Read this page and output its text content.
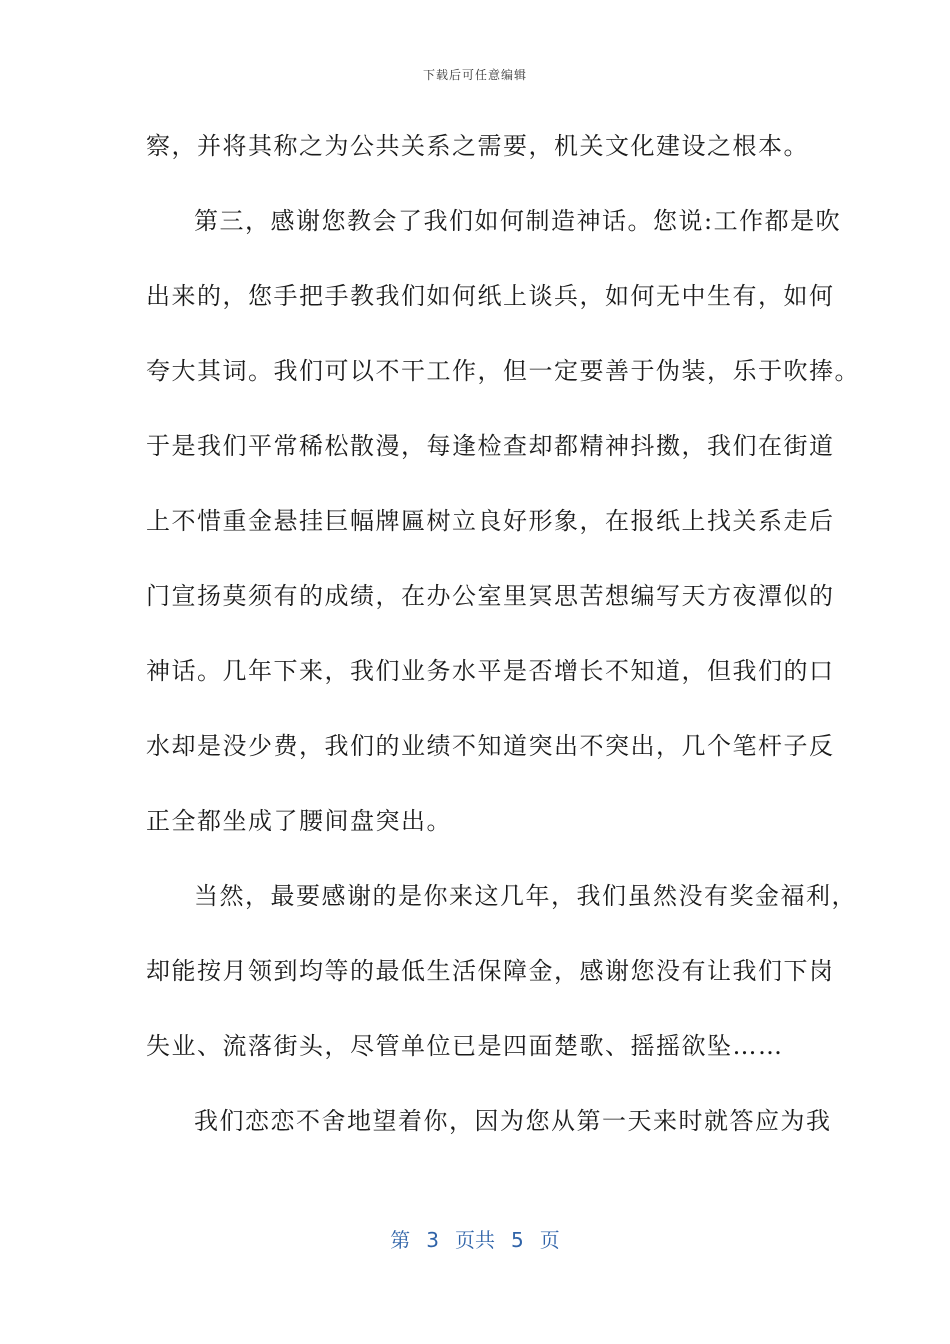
下载后可任意编辑
察，并将其称之为公共关系之需要，机关文化建设之根本。
第三，感谢您教会了我们如何制造神话。您说:工作都是吹
出来的，您手把手教我们如何纸上谈兵，如何无中生有，如何
夸大其词。我们可以不干工作，但一定要善于伪装，乐于吹捧。
于是我们平常稀松散漫，每逢检查却都精神抖擞，我们在街道
上不惜重金悬挂巨幅牌匾树立良好形象，在报纸上找关系走后
门宣扬莫须有的成绩，在办公室里冥思苦想编写天方夜潭似的
神话。几年下来，我们业务水平是否增长不知道，但我们的口
水却是没少费，我们的业绩不知道突出不突出，几个笔杆子反
正全都坐成了腰间盘突出。
当然，最要感谢的是你来这几年，我们虽然没有奖金福利，
却能按月领到均等的最低生活保障金，感谢您没有让我们下岗
失业、流落街头，尽管单位已是四面楚歌、摇摇欲坠……
我们恋恋不舍地望着你，因为您从第一天来时就答应为我
第 3 页共 5 页
